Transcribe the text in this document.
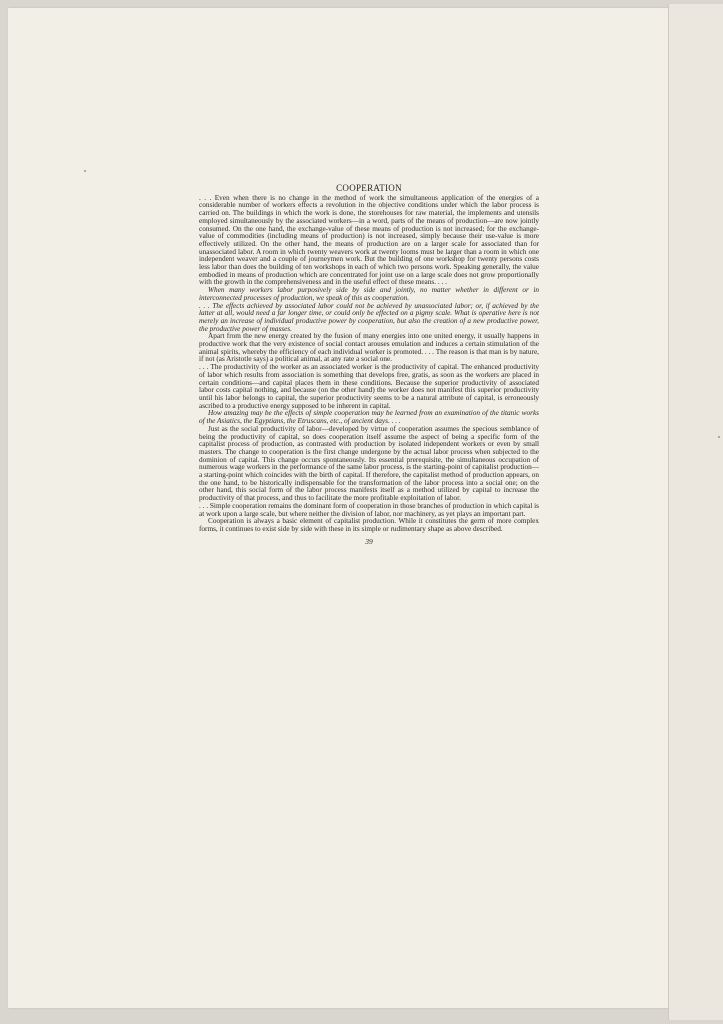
COOPERATION

. . . Even when there is no change in the method of work the simultaneous application of the energies of a considerable number of workers effects a revolution in the objective conditions under which the labor process is carried on. The buildings in which the work is done, the storehouses for raw material, the implements and utensils employed simultaneously by the associated workers—in a word, parts of the means of production—are now jointly consumed. On the one hand, the exchange-value of these means of production is not increased; for the exchange-value of commodities (including means of production) is not increased, simply because their use-value is more effectively utilized. On the other hand, the means of production are on a larger scale for associated than for unassociated labor. A room in which twenty weavers work at twenty looms must be larger than a room in which one independent weaver and a couple of journeymen work. But the building of one workshop for twenty persons costs less labor than does the building of ten workshops in each of which two persons work. Speaking generally, the value embodied in means of production which are concentrated for joint use on a large scale does not grow proportionally with the growth in the comprehensiveness and in the useful effect of these means. . . .

When many workers labor purposively side by side and jointly, no matter whether in different or in interconnected processes of production, we speak of this as cooperation.

. . . The effects achieved by associated labor could not be achieved by unassociated labor; or, if achieved by the latter at all, would need a far longer time, or could only be effected on a pigmy scale. What is operative here is not merely an increase of individual productive power by cooperation, but also the creation of a new productive power, the productive power of masses.

Apart from the new energy created by the fusion of many energies into one united energy, it usually happens in productive work that the very existence of social contact arouses emulation and induces a certain stimulation of the animal spirits, whereby the efficiency of each individual worker is promoted. . . . The reason is that man is by nature, if not (as Aristotle says) a political animal, at any rate a social one.

. . . The productivity of the worker as an associated worker is the productivity of capital. The enhanced productivity of labor which results from association is something that develops free, gratis, as soon as the workers are placed in certain conditions—and capital places them in these conditions. Because the superior productivity of associated labor costs capital nothing, and because (on the other hand) the worker does not manifest this superior productivity until his labor belongs to capital, the superior productivity seems to be a natural attribute of capital, is erroneously ascribed to a productive energy supposed to be inherent in capital.

How amazing may be the effects of simple cooperation may be learned from an examination of the titanic works of the Asiatics, the Egyptians, the Etruscans, etc., of ancient days. . . .

Just as the social productivity of labor—developed by virtue of cooperation assumes the specious semblance of being the productivity of capital, so does cooperation itself assume the aspect of being a specific form of the capitalist process of production, as contrasted with production by isolated independent workers or even by small masters. The change to cooperation is the first change undergone by the actual labor process when subjected to the dominion of capital. This change occurs spontaneously. Its essential prerequisite, the simultaneous occupation of numerous wage workers in the performance of the same labor process, is the starting-point of capitalist production—a starting-point which coincides with the birth of capital. If therefore, the capitalist method of production appears, on the one hand, to be historically indispensable for the transformation of the labor process into a social one; on the other hand, this social form of the labor process manifests itself as a method utilized by capital to increase the productivity of that process, and thus to facilitate the more profitable exploitation of labor.

. . . Simple cooperation remains the dominant form of cooperation in those branches of production in which capital is at work upon a large scale, but where neither the division of labor, nor machinery, as yet plays an important part.

Cooperation is always a basic element of capitalist production. While it constitutes the germ of more complex forms, it continues to exist side by side with these in its simple or rudimentary shape as above described.

39
